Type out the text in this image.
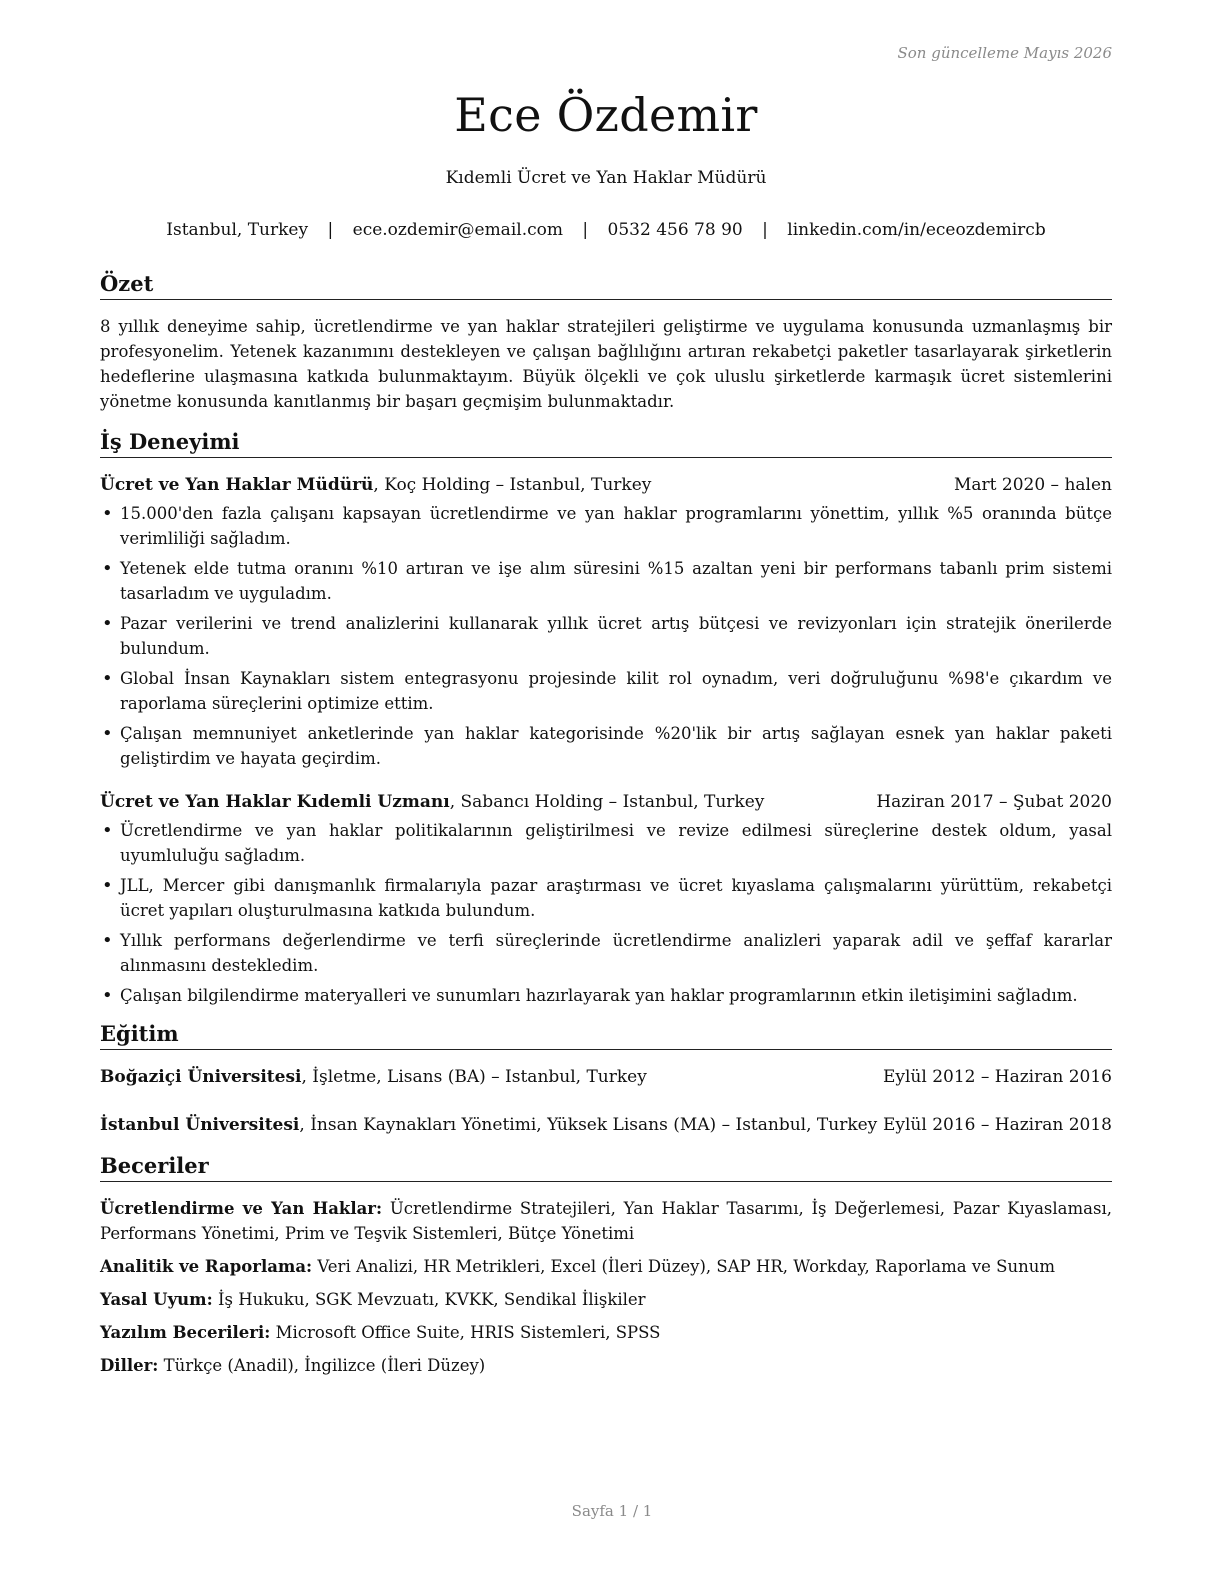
Son güncelleme Mayıs 2026
Ece Özdemir
Kıdemli Ücret ve Yan Haklar Müdürü
Istanbul, Turkey | ece.ozdemir@email.com | 0532 456 78 90 | linkedin.com/in/eceozdemircb
Özet

8 yıllık deneyime sahip, ücretlendirme ve yan haklar stratejileri geliştirme ve uygulama konusunda uzmanlaşmış bir profesyonelim. Yetenek kazanımını destekleyen ve çalışan bağlılığını artıran rekabetçi paketler tasarlayarak şirketlerin hedeflerine ulaşmasına katkıda bulunmaktayım. Büyük ölçekli ve çok uluslu şirketlerde karmaşık ücret sistemlerini yönetme konusunda kanıtlanmış bir başarı geçmişim bulunmaktadır.

İş Deneyimi
Ücret ve Yan Haklar Müdürü, Koç Holding – Istanbul, Turkey	Mart 2020 – halen
• 15.000'den fazla çalışanı kapsayan ücretlendirme ve yan haklar programlarını yönettim, yıllık %5 oranında bütçe verimliliği sağladım.
• Yetenek elde tutma oranını %10 artıran ve işe alım süresini %15 azaltan yeni bir performans tabanlı prim sistemi tasarladım ve uyguladım.
• Pazar verilerini ve trend analizlerini kullanarak yıllık ücret artış bütçesi ve revizyonları için stratejik önerilerde bulundum.
• Global İnsan Kaynakları sistem entegrasyonu projesinde kilit rol oynadım, veri doğruluğunu %98'e çıkardım ve raporlama süreçlerini optimize ettim.
• Çalışan memnuniyet anketlerinde yan haklar kategorisinde %20'lik bir artış sağlayan esnek yan haklar paketi geliştirdim ve hayata geçirdim.
Ücret ve Yan Haklar Kıdemli Uzmanı, Sabancı Holding – Istanbul, Turkey	Haziran 2017 – Şubat 2020
• Ücretlendirme ve yan haklar politikalarının geliştirilmesi ve revize edilmesi süreçlerine destek oldum, yasal uyumluluğu sağladım.
• JLL, Mercer gibi danışmanlık firmalarıyla pazar araştırması ve ücret kıyaslama çalışmalarını yürüttüm, rekabetçi ücret yapıları oluşturulmasına katkıda bulundum.
• Yıllık performans değerlendirme ve terfi süreçlerinde ücretlendirme analizleri yaparak adil ve şeffaf kararlar alınmasını destekledim.
• Çalışan bilgilendirme materyalleri ve sunumları hazırlayarak yan haklar programlarının etkin iletişimini sağladım.
Eğitim
Boğaziçi Üniversitesi, İşletme, Lisans (BA) – Istanbul, Turkey	Eylül 2012 – Haziran 2016
İstanbul Üniversitesi, İnsan Kaynakları Yönetimi, Yüksek Lisans (MA) – Istanbul, Turkey Eylül 2016 – Haziran 2018
Beceriler
Ücretlendirme ve Yan Haklar: Ücretlendirme Stratejileri, Yan Haklar Tasarımı, İş Değerlemesi, Pazar Kıyaslaması, Performans Yönetimi, Prim ve Teşvik Sistemleri, Bütçe Yönetimi
Analitik ve Raporlama: Veri Analizi, HR Metrikleri, Excel (İleri Düzey), SAP HR, Workday, Raporlama ve Sunum
Yasal Uyum: İş Hukuku, SGK Mevzuatı, KVKK, Sendikal İlişkiler
Yazılım Becerileri: Microsoft Office Suite, HRIS Sistemleri, SPSS
Diller: Türkçe (Anadil), İngilizce (İleri Düzey)
Sayfa 1 / 1
